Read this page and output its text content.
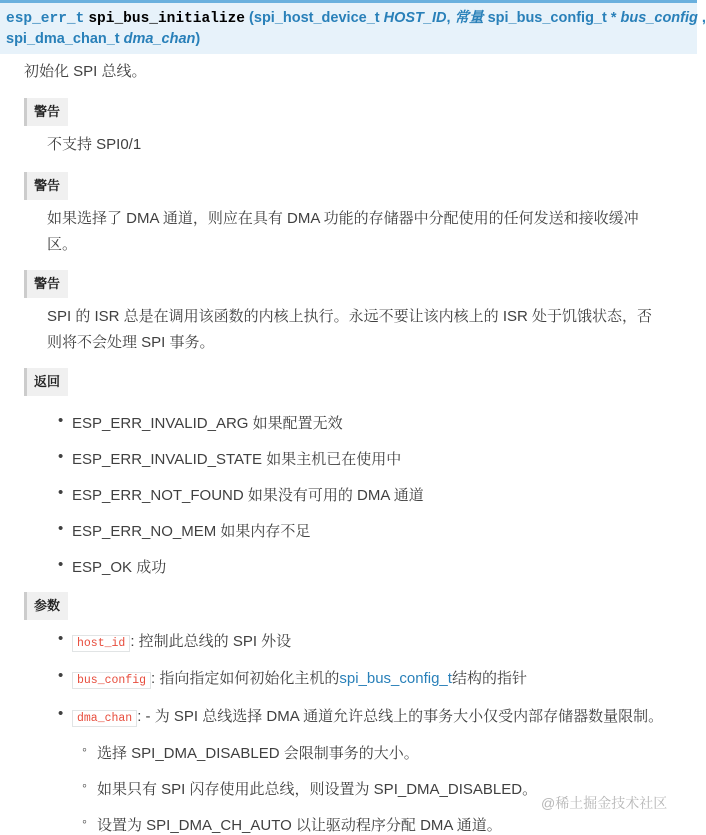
esp_err_t spi_bus_initialize (spi_host_device_t HOST_ID, 常量 spi_bus_config_t * bus_config ,
spi_dma_chan_t dma_chan)
初始化 SPI 总线。
警告
不支持 SPI0/1
警告
如果选择了 DMA 通道，则应在具有 DMA 功能的存储器中分配使用的任何发送和接收缓冲
区。
警告
SPI 的 ISR 总是在调用该函数的内核上执行。永远不要让该内核上的 ISR 处于饥饿状态，否
则将不会处理 SPI 事务。
返回
• ESP_ERR_INVALID_ARG 如果配置无效
• ESP_ERR_INVALID_STATE 如果主机已在使用中
• ESP_ERR_NOT_FOUND 如果没有可用的 DMA 通道
• ESP_ERR_NO_MEM 如果内存不足
• ESP_OK 成功
参数
• host_id : 控制此总线的 SPI 外设
• bus_config : 指向指定如何初始化主机的spi_bus_config_t结构的指针
• dma_chan : - 为 SPI 总线选择 DMA 通道允许总线上的事务大小仅受内部存储器数量限制。
◦ 选择 SPI_DMA_DISABLED 会限制事务的大小。
◦ 如果只有 SPI 闪存使用此总线，则设置为 SPI_DMA_DISABLED。
◦ 设置为 SPI_DMA_CH_AUTO 以让驱动程序分配 DMA 通道。
@稀土掘金技术社区
